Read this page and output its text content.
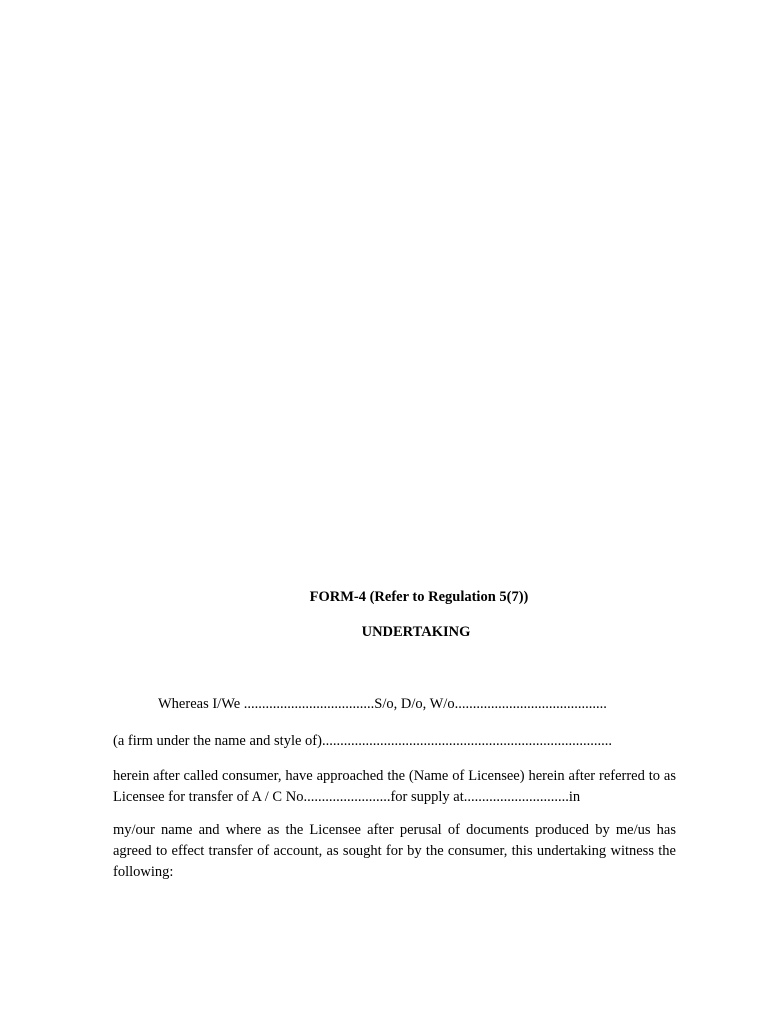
FORM-4 (Refer to Regulation 5(7))
UNDERTAKING
Whereas I/We ....................................S/o, D/o, W/o..........................................
(a firm under the name and style of)................................................................................
herein after called consumer, have approached the (Name of Licensee) herein after referred to as Licensee for transfer of A / C No........................for supply at.............................in
my/our name and where as the Licensee after perusal of documents produced by me/us has agreed to effect transfer of account, as sought for by the consumer, this undertaking witness the following:
